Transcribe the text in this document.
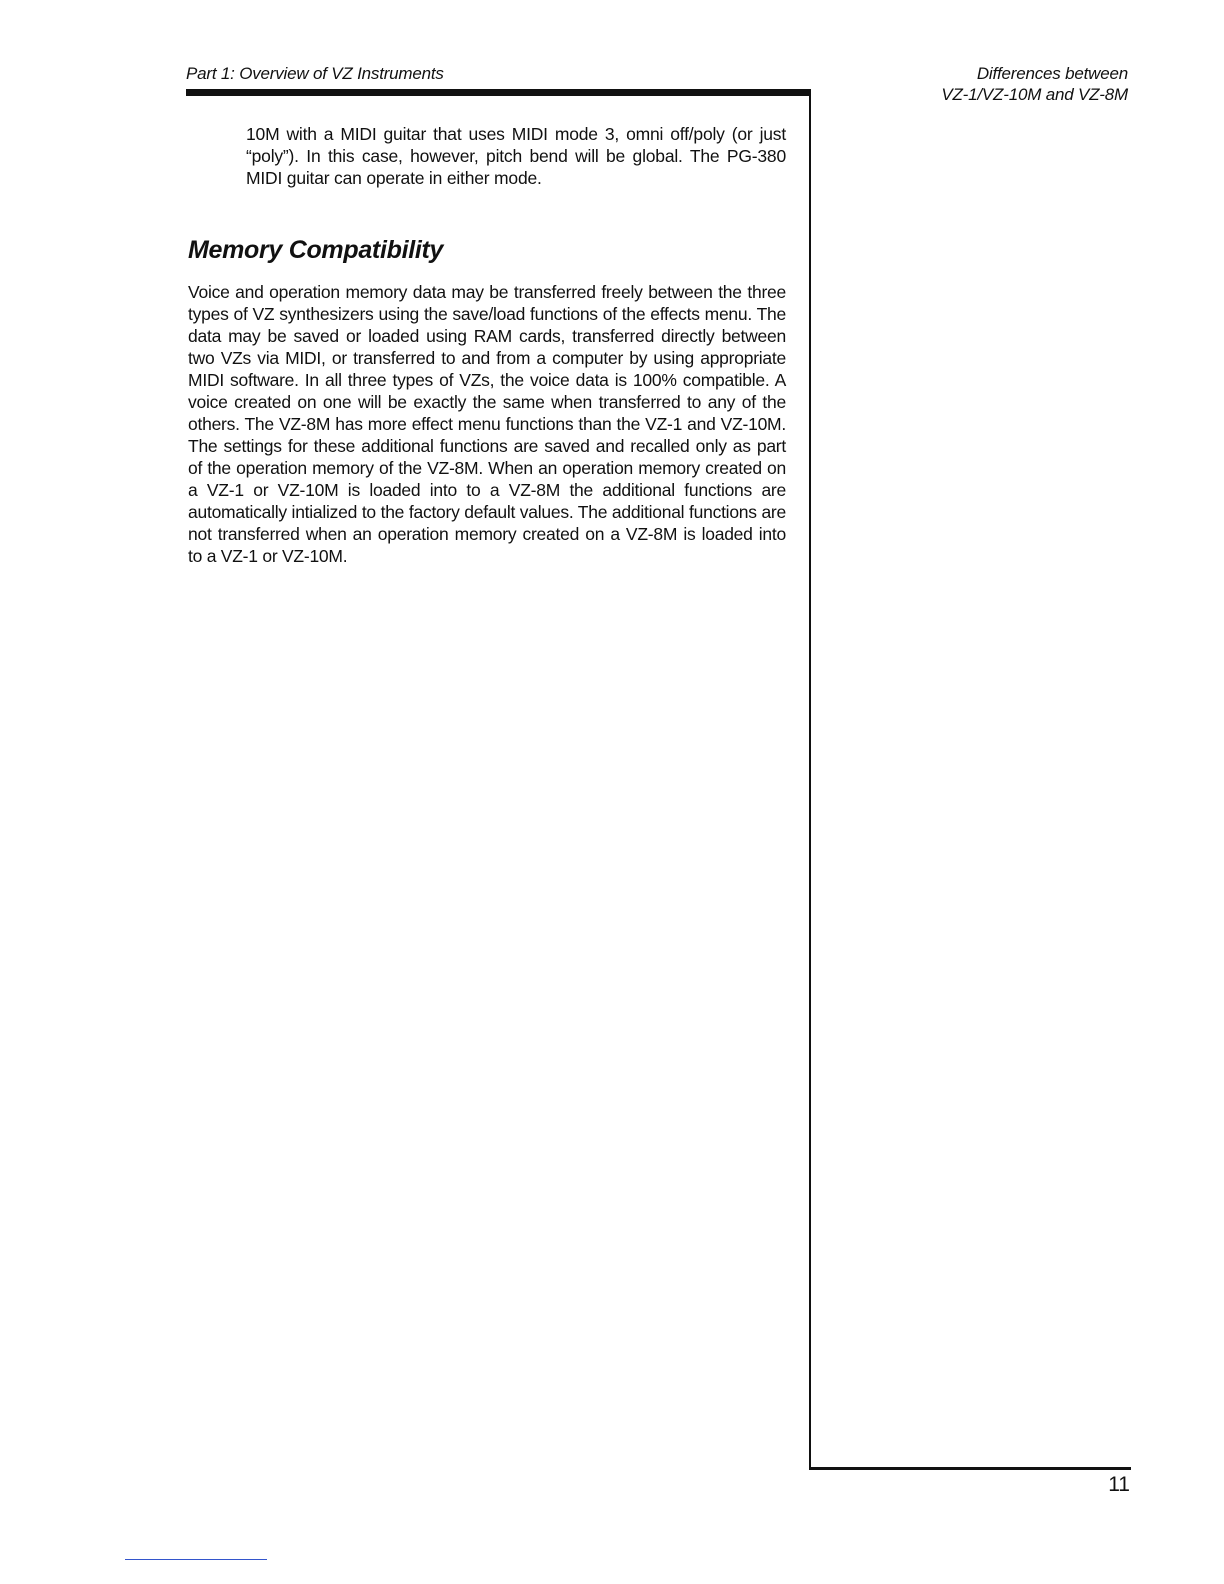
Part 1: Overview of VZ Instruments	Differences between
VZ-1/VZ-10M and VZ-8M

10M with a MIDI guitar that uses MIDI mode 3, omni off/poly (or just “poly”). In this case, however, pitch bend will be global. The PG-380 MIDI guitar can operate in either mode.

Memory Compatibility

Voice and operation memory data may be transferred freely between the three types of VZ synthesizers using the save/load functions of the effects menu. The data may be saved or loaded using RAM cards, transferred directly between two VZs via MIDI, or transferred to and from a computer by using appropriate MIDI software. In all three types of VZs, the voice data is 100% compatible. A voice created on one will be exactly the same when transferred to any of the others. The VZ-8M has more effect menu functions than the VZ-1 and VZ-10M. The settings for these additional functions are saved and recalled only as part of the operation memory of the VZ-8M. When an operation memory created on a VZ-1 or VZ-10M is loaded into to a VZ-8M the additional functions are automatically intialized to the factory default values. The additional functions are not transferred when an operation memory created on a VZ-8M is loaded into to a VZ-1 or VZ-10M.

11
